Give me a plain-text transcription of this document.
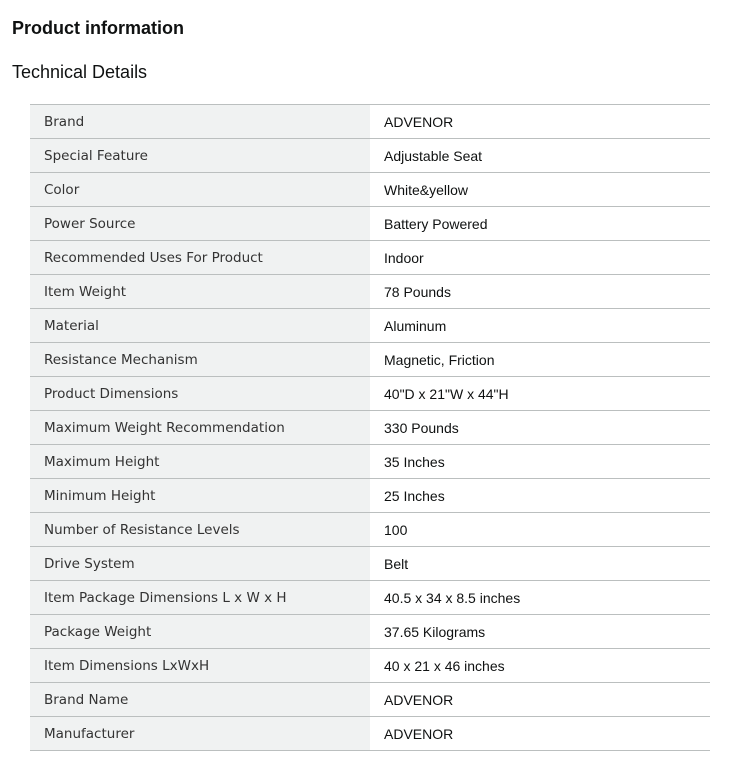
Product information
Technical Details
Brand	ADVENOR
Special Feature	Adjustable Seat
Color	White&yellow
Power Source	Battery Powered
Recommended Uses For Product	Indoor
Item Weight	78 Pounds
Material	Aluminum
Resistance Mechanism	Magnetic, Friction
Product Dimensions	40"D x 21"W x 44"H
Maximum Weight Recommendation	330 Pounds
Maximum Height	35 Inches
Minimum Height	25 Inches
Number of Resistance Levels	100
Drive System	Belt
Item Package Dimensions L x W x H	40.5 x 34 x 8.5 inches
Package Weight	37.65 Kilograms
Item Dimensions LxWxH	40 x 21 x 46 inches
Brand Name	ADVENOR
Manufacturer	ADVENOR
